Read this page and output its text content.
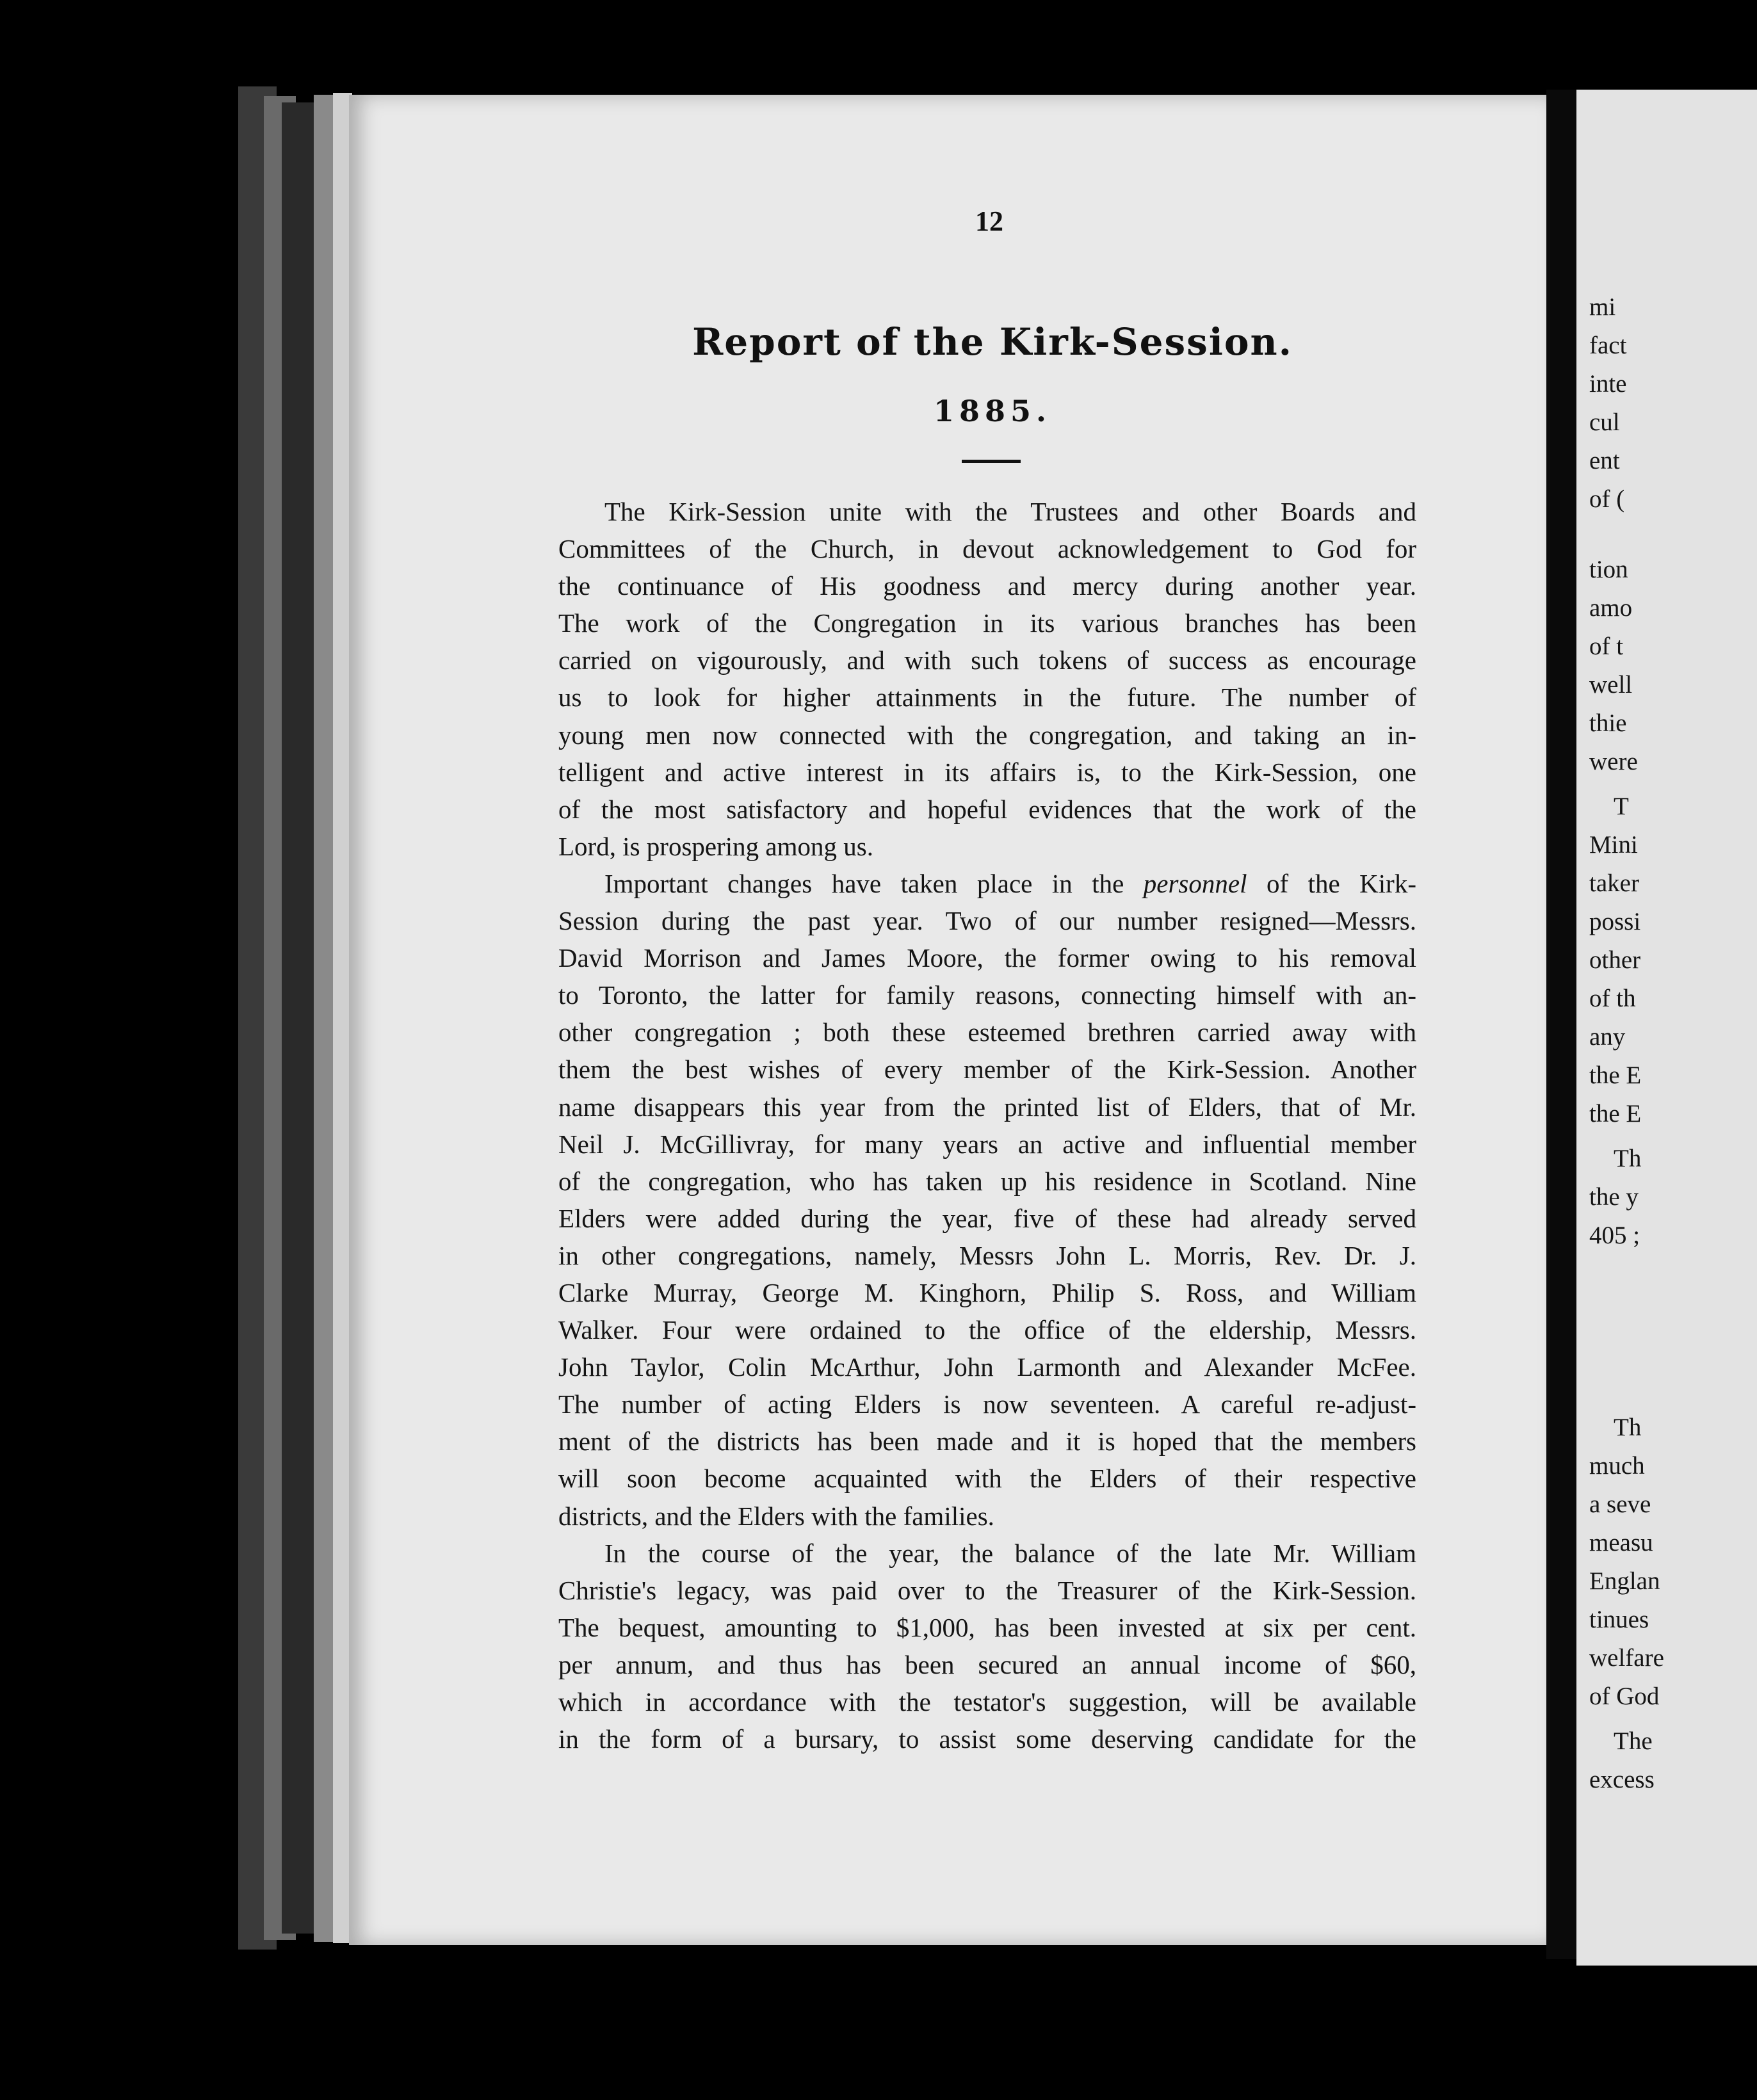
12
Report of the Kirk-Session.
1885.
The Kirk-Session unite with the Trustees and other Boards and
Committees of the Church, in devout acknowledgement to God for
the continuance of His goodness and mercy during another year.
The work of the Congregation in its various branches has been
carried on vigourously, and with such tokens of success as encourage
us to look for higher attainments in the future. The number of
young men now connected with the congregation, and taking an in-
telligent and active interest in its affairs is, to the Kirk-Session, one
of the most satisfactory and hopeful evidences that the work of the
Lord, is prospering among us.
Important changes have taken place in the personnel of the Kirk-
Session during the past year. Two of our number resigned—Messrs.
David Morrison and James Moore, the former owing to his removal
to Toronto, the latter for family reasons, connecting himself with an-
other congregation ; both these esteemed brethren carried away with
them the best wishes of every member of the Kirk-Session. Another
name disappears this year from the printed list of Elders, that of Mr.
Neil J. McGillivray, for many years an active and influential member
of the congregation, who has taken up his residence in Scotland. Nine
Elders were added during the year, five of these had already served
in other congregations, namely, Messrs John L. Morris, Rev. Dr. J.
Clarke Murray, George M. Kinghorn, Philip S. Ross, and William
Walker. Four were ordained to the office of the eldership, Messrs.
John Taylor, Colin McArthur, John Larmonth and Alexander McFee.
The number of acting Elders is now seventeen. A careful re-adjust-
ment of the districts has been made and it is hoped that the members
will soon become acquainted with the Elders of their respective
districts, and the Elders with the families.
In the course of the year, the balance of the late Mr. William
Christie's legacy, was paid over to the Treasurer of the Kirk-Session.
The bequest, amounting to $1,000, has been invested at six per cent.
per annum, and thus has been secured an annual income of $60,
which in accordance with the testator's suggestion, will be available
in the form of a bursary, to assist some deserving candidate for the
mi
fact
inte
cul
ent
of (
tion
amo
of t
well
thie
were
T
Mini
taker
possi
other
of th
any
the E
the E
Th
the y
405 ;
Th
much
a seve
measu
Englan
tinues
welfare
of God
The
excess
